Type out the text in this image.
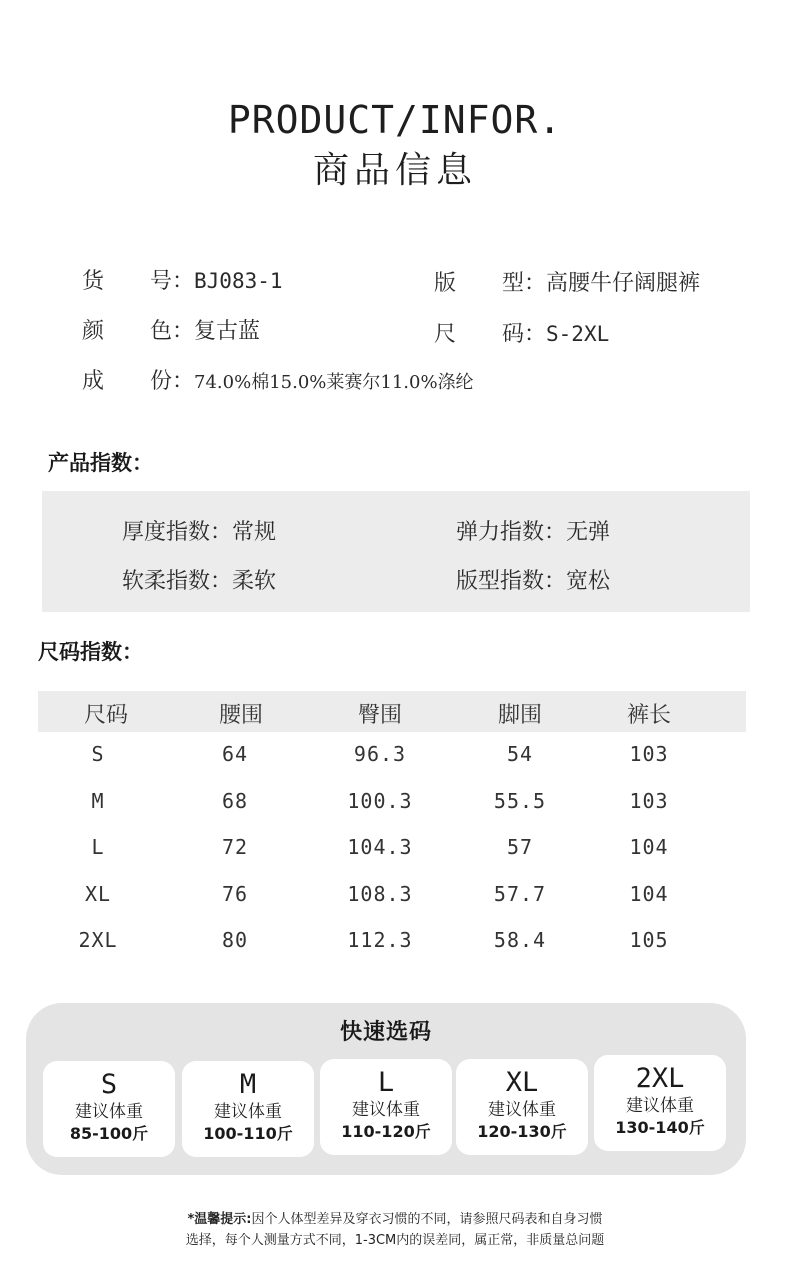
PRODUCT/INFOR.
商品信息
货 号：BJ083-1	版 型：高腰牛仔阔腿裤
颜 色：复古蓝	尺 码：S-2XL
成 份：74.0%棉15.0%莱赛尔11.0%涤纶
产品指数：
厚度指数：常规	弹力指数：无弹
软柔指数：柔软	版型指数：宽松
尺码指数：
尺码	腰围	臀围	脚围	裤长
S	64	96.3	54	103
M	68	100.3	55.5	103
L	72	104.3	57	104
XL	76	108.3	57.7	104
2XL	80	112.3	58.4	105
快速选码
S
建议体重
85-100斤
M
建议体重
100-110斤
L
建议体重
110-120斤
XL
建议体重
120-130斤
2XL
建议体重
130-140斤
*温馨提示:因个人体型差异及穿衣习惯的不同，请参照尺码表和自身习惯
选择，每个人测量方式不同，1-3CM内的误差同，属正常，非质量总问题
